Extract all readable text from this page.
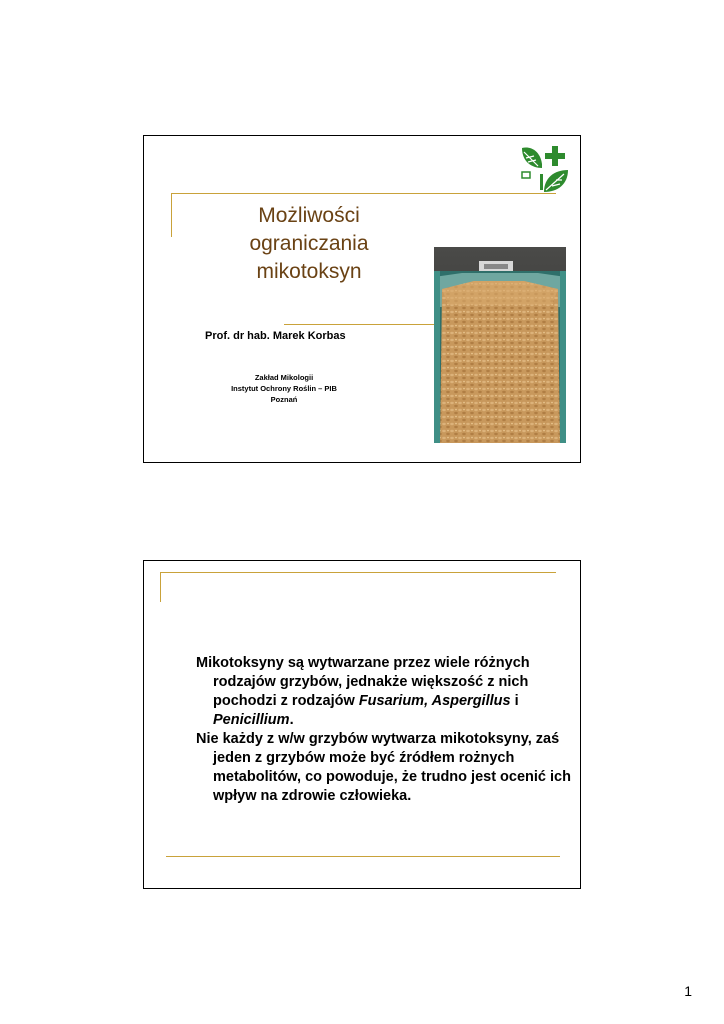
Możliwości ograniczania
mikotoksyn
Prof. dr hab. Marek Korbas
Zakład Mikologii
Instytut Ochrony Roślin – PIB
Poznań

Mikotoksyny są wytwarzane przez wiele różnych rodzajów grzybów, jednakże większość z nich pochodzi z rodzajów Fusarium, Aspergillus i Penicillium.

Nie każdy z w/w grzybów wytwarza mikotoksyny, zaś jeden z grzybów może być źródłem rożnych metabolitów, co powoduje, że trudno jest ocenić ich wpływ na zdrowie człowieka.

1
